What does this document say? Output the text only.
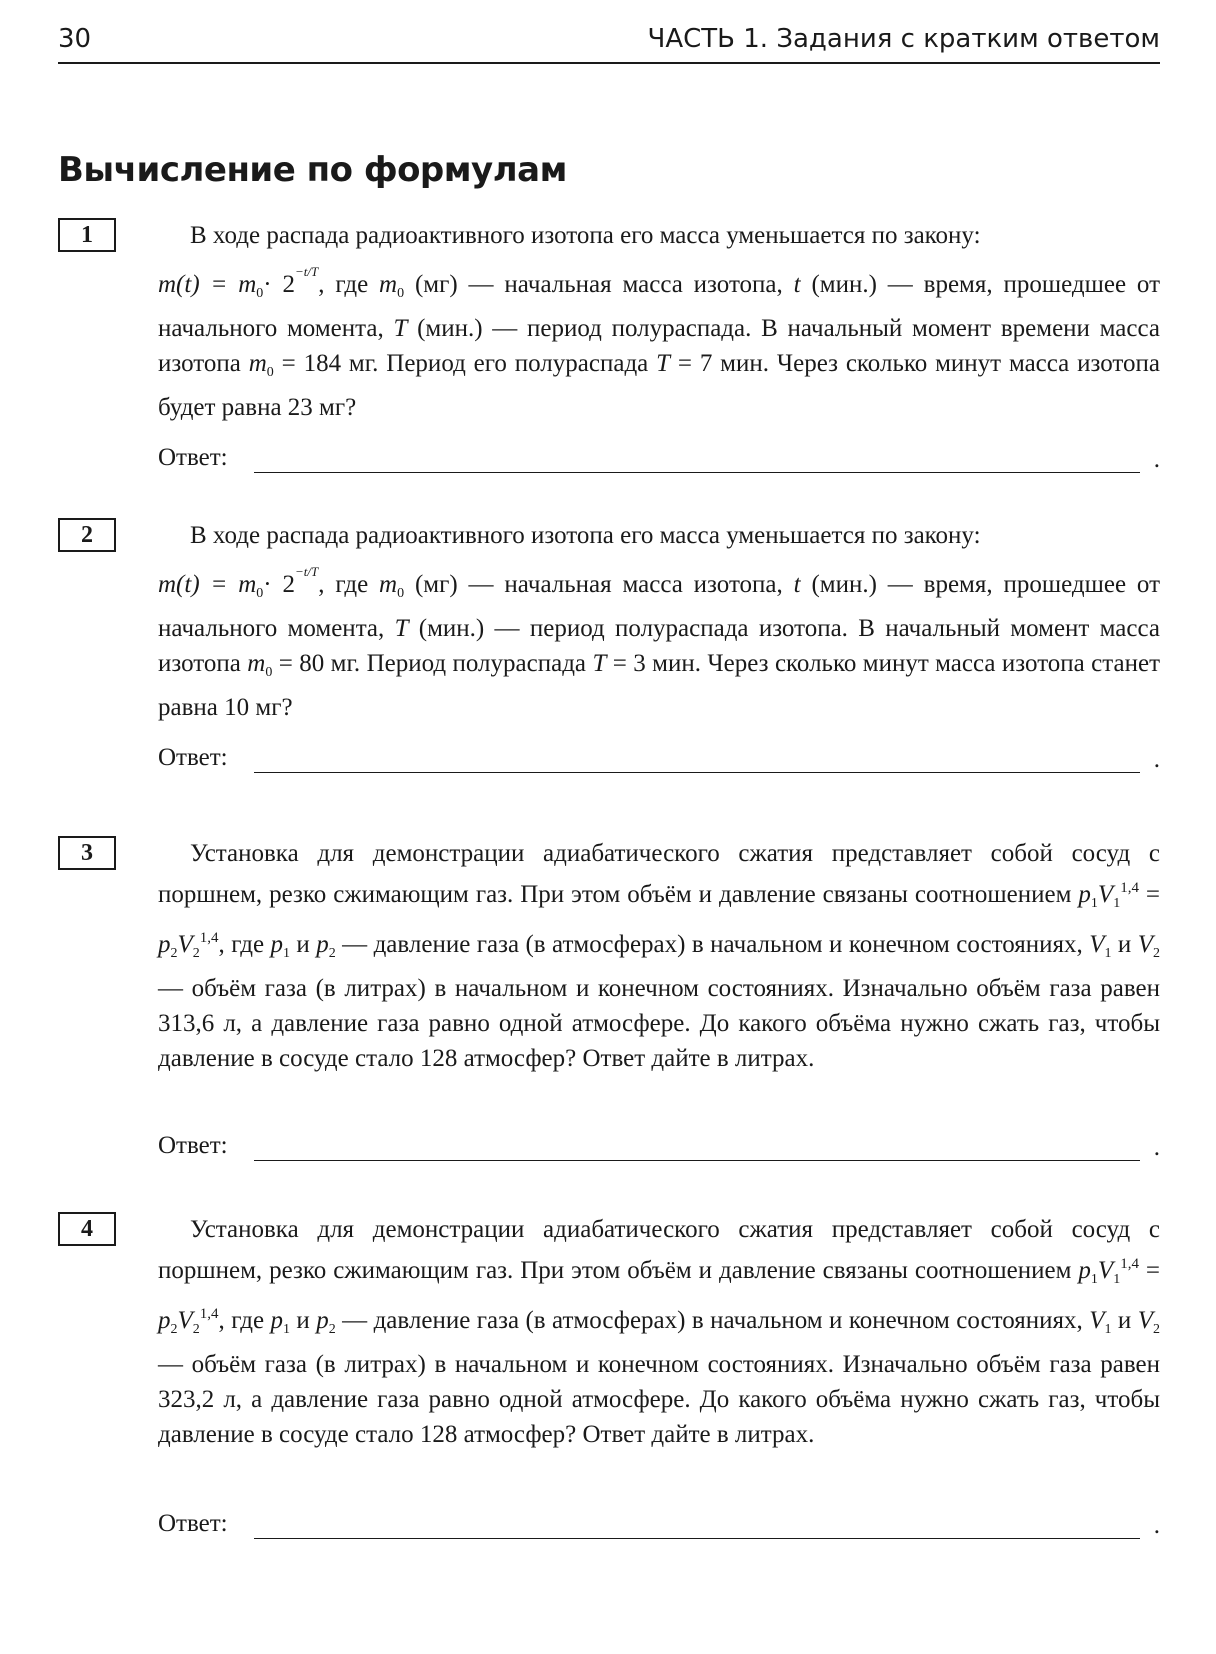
30	ЧАСТЬ 1. Задания с кратким ответом
Вычисление по формулам
1	В ходе распада радиоактивного изотопа его масса уменьшается по закону:

$m(t) = m_0\cdot 2^{-t/T}$, где $m_0$ (мг) — начальная масса изотопа, t (мин.) — время, прошедшее от начального момента, T (мин.) — период полураспада. В начальный момент времени масса изотопа $m_0 = 184$ мг. Период его полураспада T = 7 мин. Через сколько минут масса изотопа будет равна 23 мг?

Ответ:	.
2	В ходе распада радиоактивного изотопа его масса уменьшается по закону:

$m(t) = m_0\cdot 2^{-t/T}$, где $m_0$ (мг) — начальная масса изотопа, t (мин.) — время, прошедшее от начального момента, T (мин.) — период полураспада изотопа. В начальный момент масса изотопа $m_0 = 80$ мг. Период полураспада T = 3 мин. Через сколько минут масса изотопа станет равна 10 мг?

Ответ:	.
3	Установка для демонстрации адиабатического сжатия представляет собой сосуд с поршнем, резко сжимающим газ. При этом объём и давление связаны соотношением $p_1V_1^{1,4} = p_2V_2^{1,4}$, где $p_1$ и $p_2$ — давление газа (в атмосферах) в начальном и конечном состояниях, $V_1$ и $V_2$ — объём газа (в литрах) в начальном и конечном состояниях. Изначально объём газа равен 313,6 л, а давление газа равно одной атмосфере. До какого объёма нужно сжать газ, чтобы давление в сосуде стало 128 атмосфер? Ответ дайте в литрах.

Ответ:	.
4	Установка для демонстрации адиабатического сжатия представляет собой сосуд с поршнем, резко сжимающим газ. При этом объём и давление связаны соотношением $p_1V_1^{1,4} = p_2V_2^{1,4}$, где $p_1$ и $p_2$ — давление газа (в атмосферах) в начальном и конечном состояниях, $V_1$ и $V_2$ — объём газа (в литрах) в начальном и конечном состояниях. Изначально объём газа равен 323,2 л, а давление газа равно одной атмосфере. До какого объёма нужно сжать газ, чтобы давление в сосуде стало 128 атмосфер? Ответ дайте в литрах.

Ответ:	.
